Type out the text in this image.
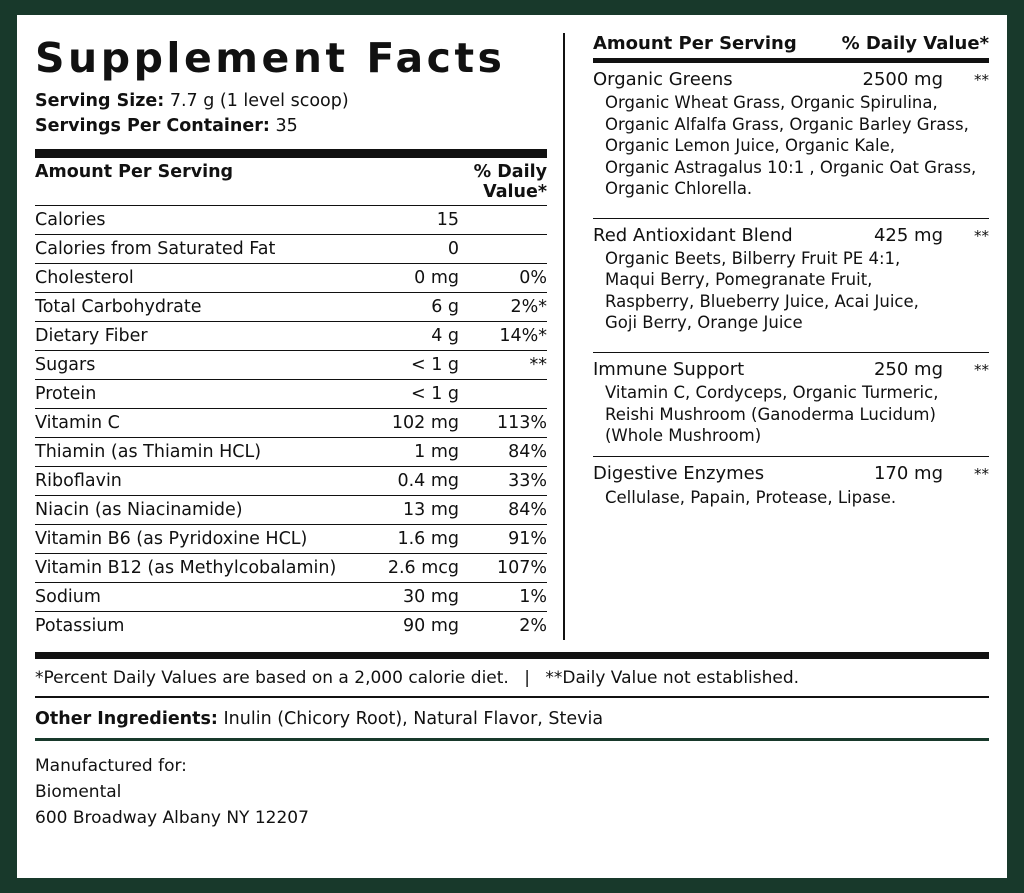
Supplement Facts
Serving Size: 7.7 g (1 level scoop)
Servings Per Container: 35
Amount Per Serving		% Daily Value*
Calories	15	
Calories from Saturated Fat	0	
Cholesterol	0 mg	0%
Total Carbohydrate	6 g	2%*
Dietary Fiber	4 g	14%*
Sugars	< 1 g	**
Protein	< 1 g	
Vitamin C	102 mg	113%
Thiamin (as Thiamin HCL)	1 mg	84%
Riboflavin	0.4 mg	33%
Niacin (as Niacinamide)	13 mg	84%
Vitamin B6 (as Pyridoxine HCL)	1.6 mg	91%
Vitamin B12 (as Methylcobalamin)	2.6 mcg	107%
Sodium	30 mg	1%
Potassium	90 mg	2%
Amount Per Serving % Daily Value*
Organic Greens	2500 mg	**
Organic Wheat Grass, Organic Spirulina,
Organic Alfalfa Grass, Organic Barley Grass,
Organic Lemon Juice, Organic Kale,
Organic Astragalus 10:1 , Organic Oat Grass,
Organic Chlorella.
Red Antioxidant Blend	425 mg	**
Organic Beets, Bilberry Fruit PE 4:1,
Maqui Berry, Pomegranate Fruit,
Raspberry, Blueberry Juice, Acai Juice,
Goji Berry, Orange Juice
Immune Support	250 mg	**
Vitamin C, Cordyceps, Organic Turmeric,
Reishi Mushroom (Ganoderma Lucidum)
(Whole Mushroom)
Digestive Enzymes	170 mg	**
Cellulase, Papain, Protease, Lipase.
*Percent Daily Values are based on a 2,000 calorie diet. | **Daily Value not established.
Other Ingredients: Inulin (Chicory Root), Natural Flavor, Stevia
Manufactured for:
Biomental
600 Broadway Albany NY 12207
